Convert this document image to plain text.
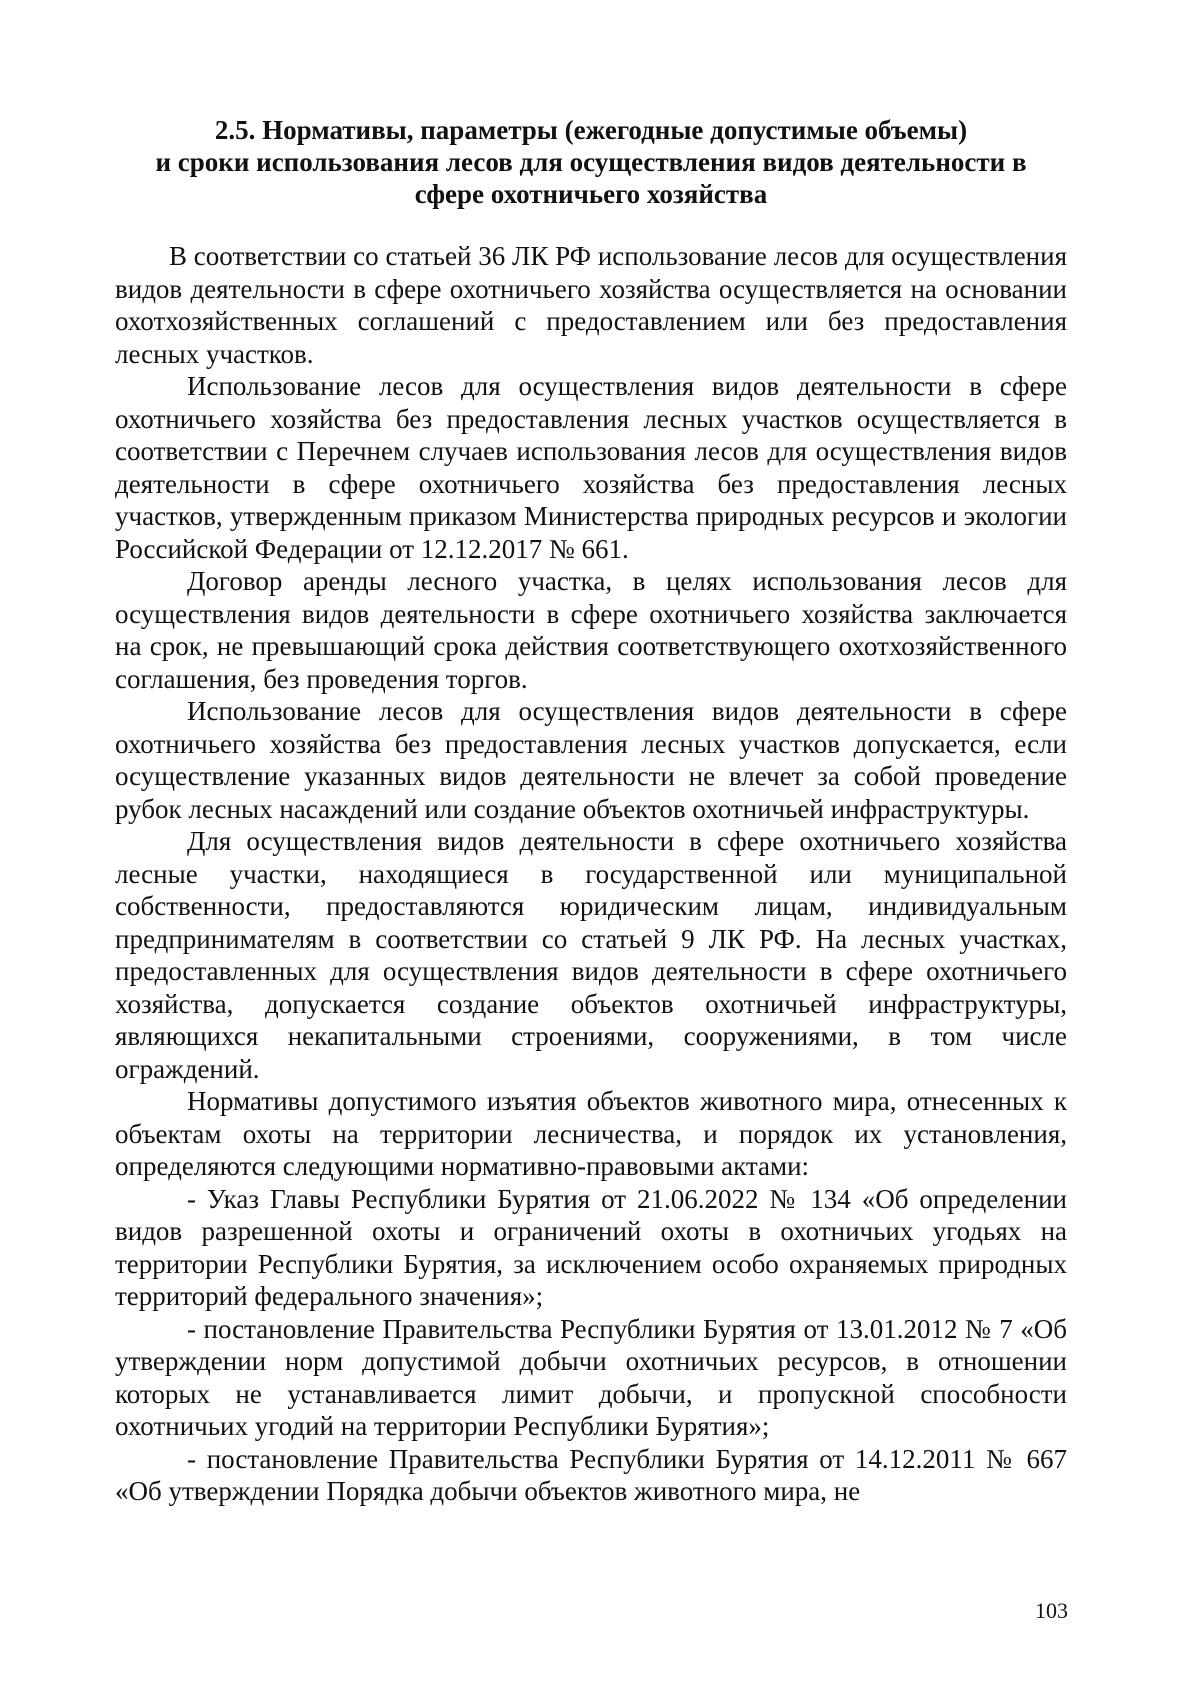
2.5. Нормативы, параметры (ежегодные допустимые объемы)
и сроки использования лесов для осуществления видов деятельности в
сфере охотничьего хозяйства

В соответствии со статьей 36 ЛК РФ использование лесов для осуществления видов деятельности в сфере охотничьего хозяйства осуществляется на основании охотхозяйственных соглашений с предоставлением или без предоставления лесных участков.

Использование лесов для осуществления видов деятельности в сфере охотничьего хозяйства без предоставления лесных участков осуществляется в соответствии с Перечнем случаев использования лесов для осуществления видов деятельности в сфере охотничьего хозяйства без предоставления лесных участков, утвержденным приказом Министерства природных ресурсов и экологии Российской Федерации от 12.12.2017 № 661.

Договор аренды лесного участка, в целях использования лесов для осуществления видов деятельности в сфере охотничьего хозяйства заключается на срок, не превышающий срока действия соответствующего охотхозяйственного соглашения, без проведения торгов.

Использование лесов для осуществления видов деятельности в сфере охотничьего хозяйства без предоставления лесных участков допускается, если осуществление указанных видов деятельности не влечет за собой проведение рубок лесных насаждений или создание объектов охотничьей инфраструктуры.

Для осуществления видов деятельности в сфере охотничьего хозяйства лесные участки, находящиеся в государственной или муниципальной собственности, предоставляются юридическим лицам, индивидуальным предпринимателям в соответствии со статьей 9 ЛК РФ. На лесных участках, предоставленных для осуществления видов деятельности в сфере охотничьего хозяйства, допускается создание объектов охотничьей инфраструктуры, являющихся некапитальными строениями, сооружениями, в том числе ограждений.

Нормативы допустимого изъятия объектов животного мира, отнесенных к объектам охоты на территории лесничества, и порядок их установления, определяются следующими нормативно-правовыми актами:

- Указ Главы Республики Бурятия от 21.06.2022 № 134 «Об определении видов разрешенной охоты и ограничений охоты в охотничьих угодьях на территории Республики Бурятия, за исключением особо охраняемых природных территорий федерального значения»;

- постановление Правительства Республики Бурятия от 13.01.2012 № 7 «Об утверждении норм допустимой добычи охотничьих ресурсов, в отношении которых не устанавливается лимит добычи, и пропускной способности охотничьих угодий на территории Республики Бурятия»;

- постановление Правительства Республики Бурятия от 14.12.2011 № 667 «Об утверждении Порядка добычи объектов животного мира, не

103
